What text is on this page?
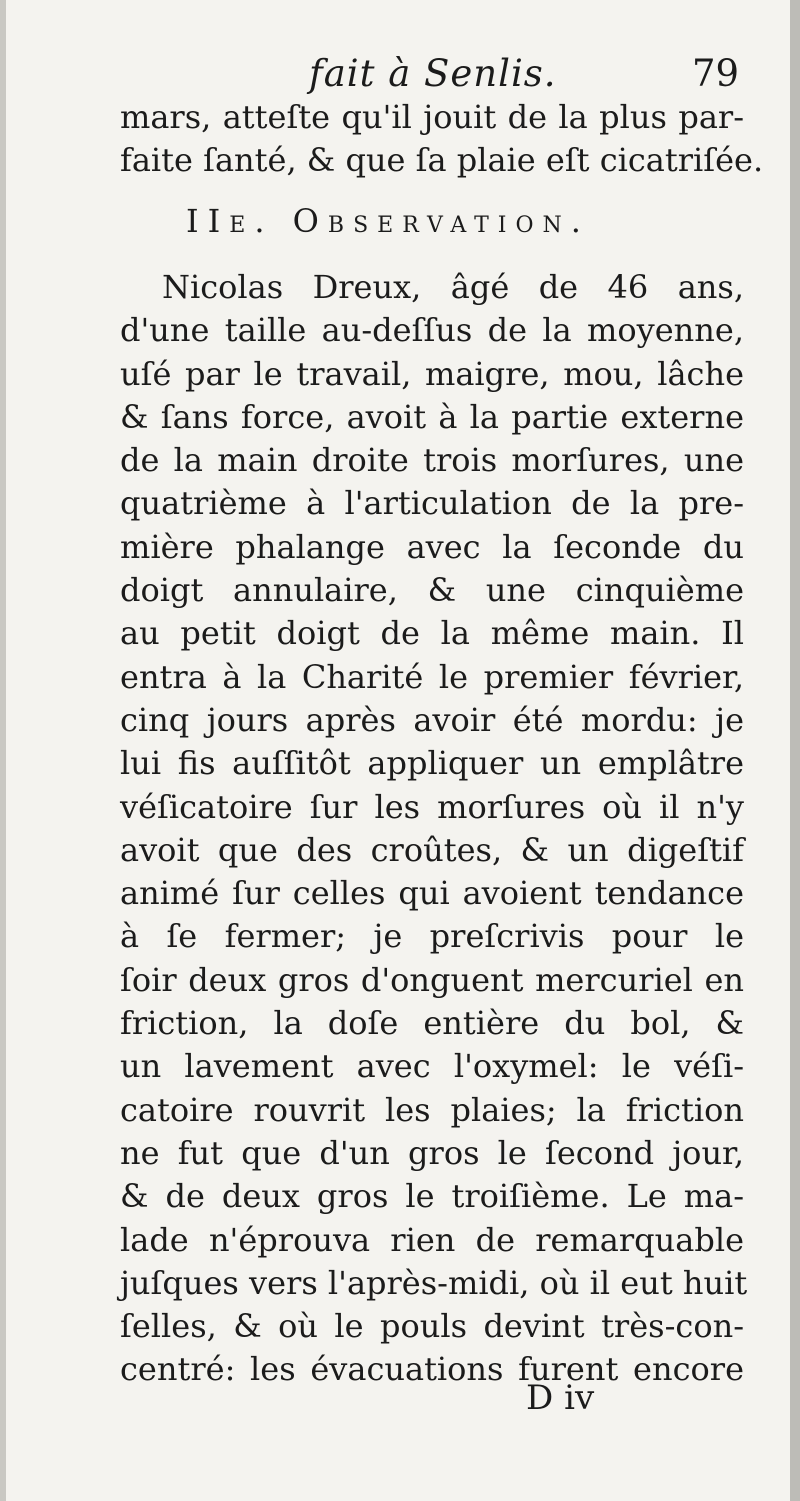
fait à Senlis.	79
mars, atteſte qu'il jouit de la plus par-
faite ſanté, & que ſa plaie eſt cicatriſée.
IIe. Observation.
Nicolas Dreux, âgé de 46 ans,
d'une taille au-deſſus de la moyenne,
uſé par le travail, maigre, mou, lâche
& ſans force, avoit à la partie externe
de la main droite trois morſures, une
quatrième à l'articulation de la pre-
mière phalange avec la ſeconde du
doigt annulaire, & une cinquième
au petit doigt de la même main. Il
entra à la Charité le premier février,
cinq jours après avoir été mordu: je
lui fis auſſitôt appliquer un emplâtre
véſicatoire ſur les morſures où il n'y
avoit que des croûtes, & un digeſtif
animé ſur celles qui avoient tendance
à ſe fermer; je preſcrivis pour le
ſoir deux gros d'onguent mercuriel en
friction, la doſe entière du bol, &
un lavement avec l'oxymel: le véſi-
catoire rouvrit les plaies; la friction
ne fut que d'un gros le ſecond jour,
& de deux gros le troiſième. Le ma-
lade n'éprouva rien de remarquable
juſques vers l'après-midi, où il eut huit
ſelles, & où le pouls devint très-con-
centré: les évacuations furent encore
D iv
